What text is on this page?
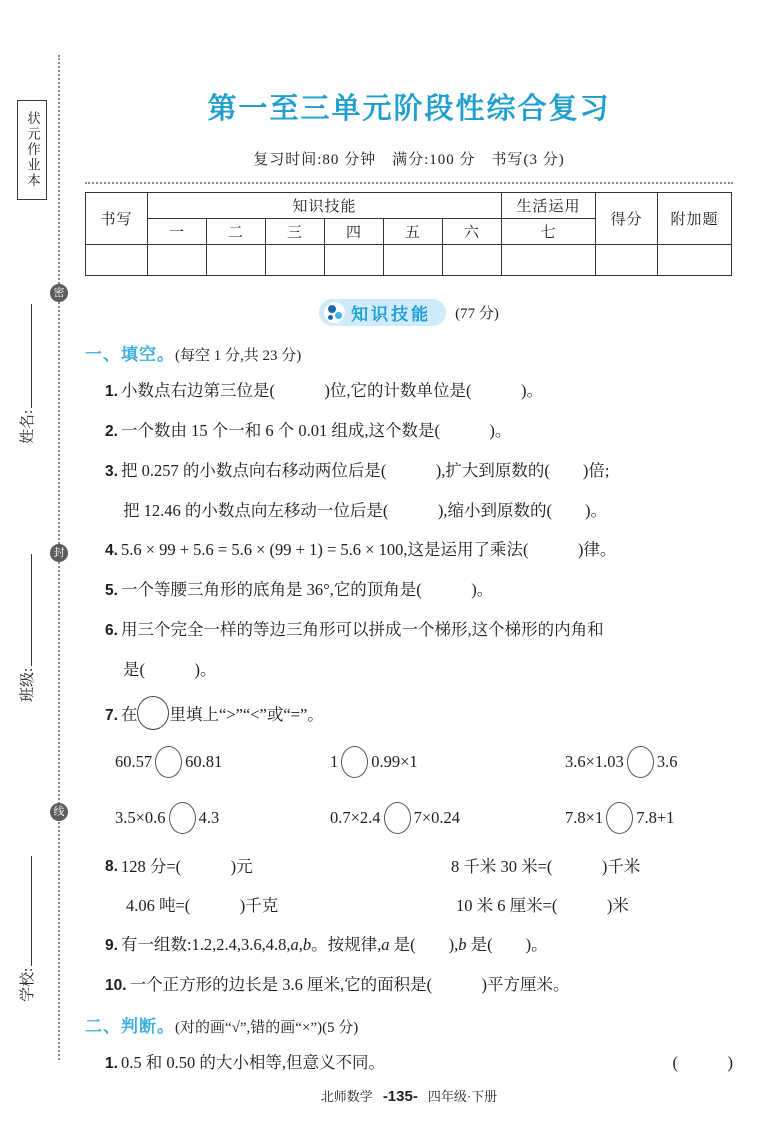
状元作业本
密
封
线
姓名:
班级:
学校:
第一至三单元阶段性综合复习
复习时间:80 分钟　满分:100 分　书写(3 分)
书写	知识技能						生活运用	得分	附加题
	一	二	三	四	五	六	七		

知识技能 (77 分)
一、填空。(每空 1 分,共 23 分)
1. 小数点右边第三位是(　　　)位,它的计数单位是(　　　)。
2. 一个数由 15 个一和 6 个 0.01 组成,这个数是(　　　)。
3. 把 0.257 的小数点向右移动两位后是(　　　),扩大到原数的(　　)倍;
把 12.46 的小数点向左移动一位后是(　　　),缩小到原数的(　　)。
4. 5.6 × 99 + 5.6 = 5.6 × (99 + 1) = 5.6 × 100,这是运用了乘法(　　　)律。
5. 一个等腰三角形的底角是 36°,它的顶角是(　　　)。
6. 用三个完全一样的等边三角形可以拼成一个梯形,这个梯形的内角和
是(　　　)。
7. 在 里填上“>”“<”或“=”。
60.57 60.81	1 0.99×1	3.6×1.03 3.6
3.5×0.6 4.3	0.7×2.4 7×0.24	7.8×1 7.8+1
8. 128 分=(　　　)元	8 千米 30 米=(　　　)千米
4.06 吨=(　　　)千克	10 米 6 厘米=(　　　)米
9. 有一组数:1.2,2.4,3.6,4.8,a,b。按规律,a 是(　　),b 是(　　)。
10. 一个正方形的边长是 3.6 厘米,它的面积是(　　　)平方厘米。
二、判断。(对的画“√”,错的画“×”)(5 分)
1. 0.5 和 0.50 的大小相等,但意义不同。	(　　　)
北师数学 -135- 四年级·下册
